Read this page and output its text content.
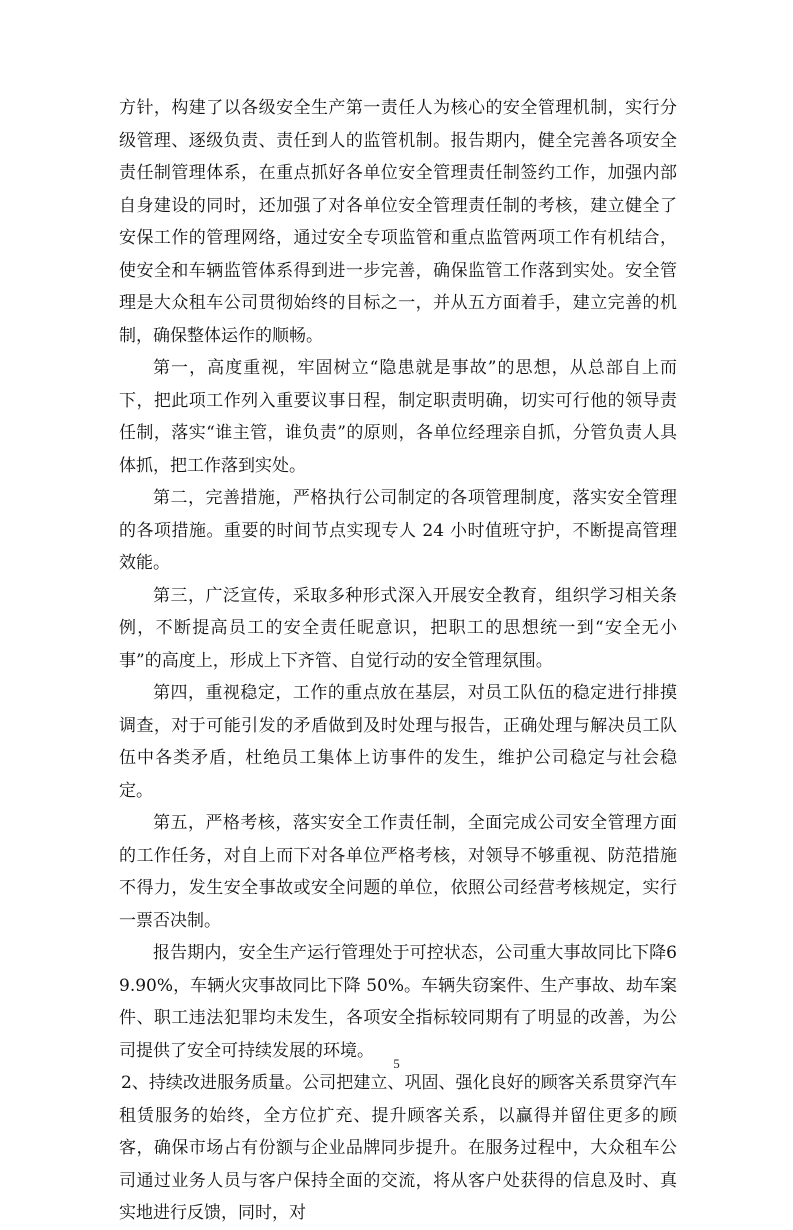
方针，构建了以各级安全生产第一责任人为核心的安全管理机制，实行分级管理、逐级负责、责任到人的监管机制。报告期内，健全完善各项安全责任制管理体系，在重点抓好各单位安全管理责任制签约工作，加强内部自身建设的同时，还加强了对各单位安全管理责任制的考核，建立健全了安保工作的管理网络，通过安全专项监管和重点监管两项工作有机结合，使安全和车辆监管体系得到进一步完善，确保监管工作落到实处。安全管理是大众租车公司贯彻始终的目标之一，并从五方面着手，建立完善的机制，确保整体运作的顺畅。

第一，高度重视，牢固树立“隐患就是事故”的思想，从总部自上而下，把此项工作列入重要议事日程，制定职责明确，切实可行他的领导责任制，落实“谁主管，谁负责”的原则，各单位经理亲自抓，分管负责人具体抓，把工作落到实处。

第二，完善措施，严格执行公司制定的各项管理制度，落实安全管理的各项措施。重要的时间节点实现专人 24 小时值班守护，不断提高管理效能。

第三，广泛宣传，采取多种形式深入开展安全教育，组织学习相关条例，不断提高员工的安全责任昵意识，把职工的思想统一到“安全无小事”的高度上，形成上下齐管、自觉行动的安全管理氛围。

第四，重视稳定，工作的重点放在基层，对员工队伍的稳定进行排摸调查，对于可能引发的矛盾做到及时处理与报告，正确处理与解决员工队伍中各类矛盾，杜绝员工集体上访事件的发生，维护公司稳定与社会稳定。

第五，严格考核，落实安全工作责任制，全面完成公司安全管理方面的工作任务，对自上而下对各单位严格考核，对领导不够重视、防范措施不得力，发生安全事故或安全问题的单位，依照公司经营考核规定，实行一票否决制。

报告期内，安全生产运行管理处于可控状态，公司重大事故同比下降69.90%，车辆火灾事故同比下降 50%。车辆失窃案件、生产事故、劫车案件、职工违法犯罪均未发生，各项安全指标较同期有了明显的改善，为公司提供了安全可持续发展的环境。

2、持续改进服务质量。公司把建立、巩固、强化良好的顾客关系贯穿汽车租赁服务的始终，全方位扩充、提升顾客关系，以赢得并留住更多的顾客，确保市场占有份额与企业品牌同步提升。在服务过程中，大众租车公司通过业务人员与客户保持全面的交流，将从客户处获得的信息及时、真实地进行反馈，同时，对

5
